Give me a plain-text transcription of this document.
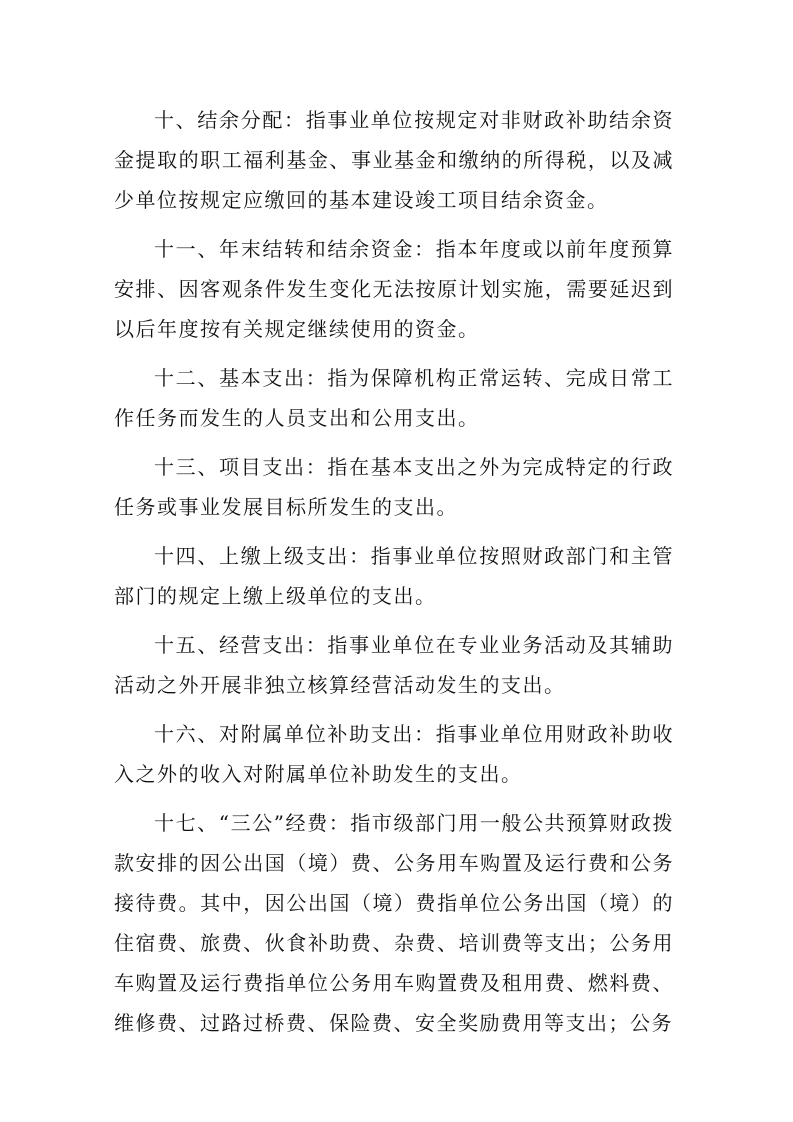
十、结余分配：指事业单位按规定对非财政补助结余资金提取的职工福利基金、事业基金和缴纳的所得税，以及减少单位按规定应缴回的基本建设竣工项目结余资金。

十一、年末结转和结余资金：指本年度或以前年度预算安排、因客观条件发生变化无法按原计划实施，需要延迟到以后年度按有关规定继续使用的资金。

十二、基本支出：指为保障机构正常运转、完成日常工作任务而发生的人员支出和公用支出。

十三、项目支出：指在基本支出之外为完成特定的行政任务或事业发展目标所发生的支出。

十四、上缴上级支出：指事业单位按照财政部门和主管部门的规定上缴上级单位的支出。

十五、经营支出：指事业单位在专业业务活动及其辅助活动之外开展非独立核算经营活动发生的支出。

十六、对附属单位补助支出：指事业单位用财政补助收入之外的收入对附属单位补助发生的支出。

十七、“三公”经费：指市级部门用一般公共预算财政拨款安排的因公出国（境）费、公务用车购置及运行费和公务接待费。其中，因公出国（境）费指单位公务出国（境）的住宿费、旅费、伙食补助费、杂费、培训费等支出；公务用车购置及运行费指单位公务用车购置费及租用费、燃料费、维修费、过路过桥费、保险费、安全奖励费用等支出；公务
